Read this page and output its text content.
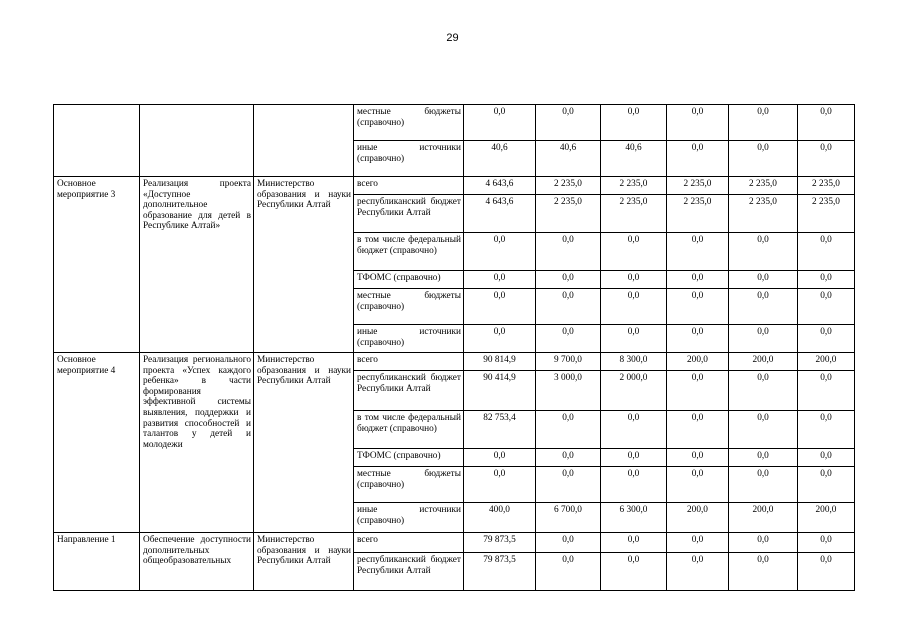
29
			местные бюджеты (справочно)	0,0	0,0	0,0	0,0	0,0	0,0
			иные источники (справочно)	40,6	40,6	40,6	0,0	0,0	0,0
Основное мероприятие 3	Реализация проекта «Доступное дополнительное образование для детей в Республике Алтай»	Министерство образования и науки Республики Алтай	всего	4 643,6	2 235,0	2 235,0	2 235,0	2 235,0	2 235,0
			республиканский бюджет Республики Алтай	4 643,6	2 235,0	2 235,0	2 235,0	2 235,0	2 235,0
			в том числе федеральный бюджет (справочно)	0,0	0,0	0,0	0,0	0,0	0,0
			ТФОМС (справочно)	0,0	0,0	0,0	0,0	0,0	0,0
			местные бюджеты (справочно)	0,0	0,0	0,0	0,0	0,0	0,0
			иные источники (справочно)	0,0	0,0	0,0	0,0	0,0	0,0
Основное мероприятие 4	Реализация регионального проекта «Успех каждого ребенка» в части формирования эффективной системы выявления, поддержки и развития способностей и талантов у детей и молодежи	Министерство образования и науки Республики Алтай	всего	90 814,9	9 700,0	8 300,0	200,0	200,0	200,0
			республиканский бюджет Республики Алтай	90 414,9	3 000,0	2 000,0	0,0	0,0	0,0
			в том числе федеральный бюджет (справочно)	82 753,4	0,0	0,0	0,0	0,0	0,0
			ТФОМС (справочно)	0,0	0,0	0,0	0,0	0,0	0,0
			местные бюджеты (справочно)	0,0	0,0	0,0	0,0	0,0	0,0
			иные источники (справочно)	400,0	6 700,0	6 300,0	200,0	200,0	200,0
Направление 1	Обеспечение доступности дополнительных общеобразовательных	Министерство образования и науки Республики Алтай	всего	79 873,5	0,0	0,0	0,0	0,0	0,0
			республиканский бюджет Республики Алтай	79 873,5	0,0	0,0	0,0	0,0	0,0
